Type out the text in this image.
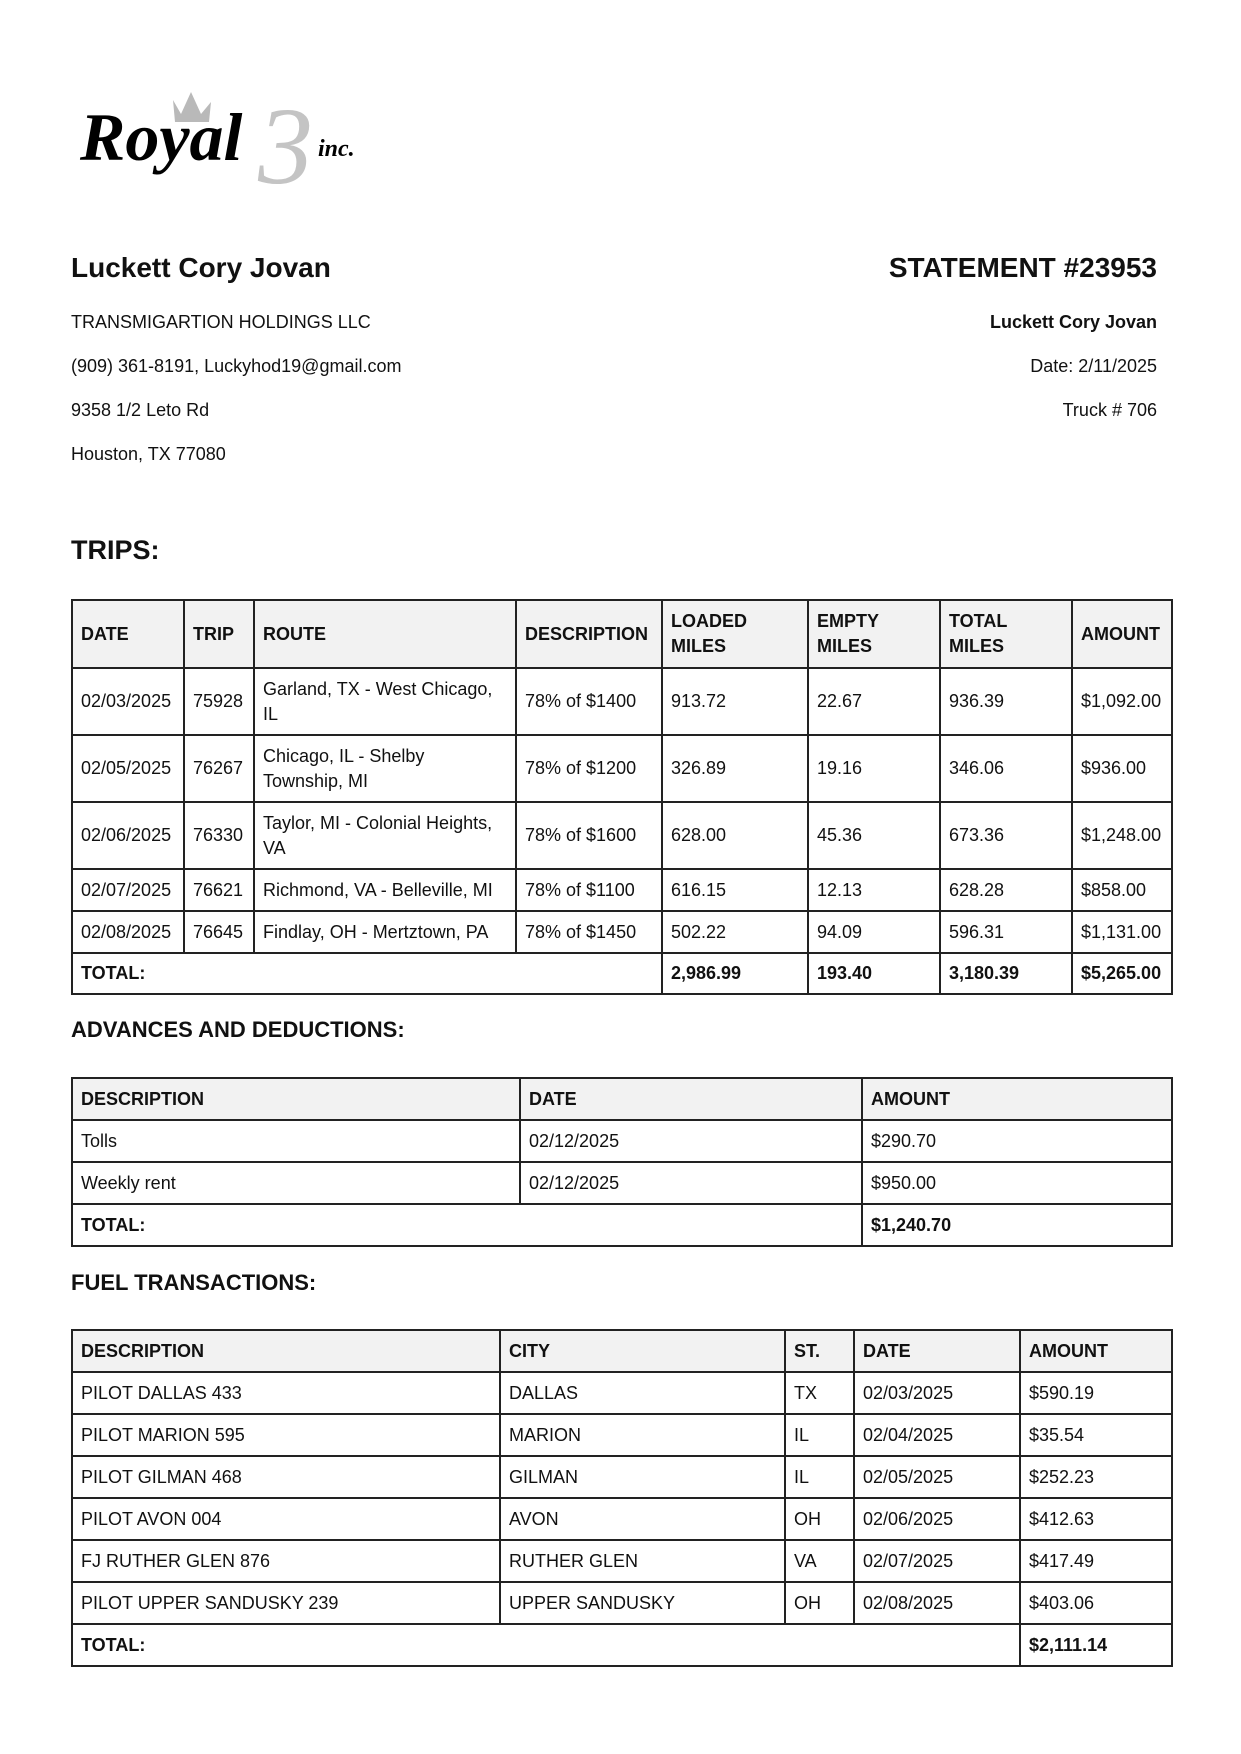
3
Royal	inc.
Luckett Cory Jovan
TRANSMIGARTION HOLDINGS LLC
(909) 361-8191, Luckyhod19@gmail.com
9358 1/2 Leto Rd
Houston, TX 77080
STATEMENT #23953
Luckett Cory Jovan
Date: 2/11/2025
Truck # 706
TRIPS:
DATE	TRIP	ROUTE	DESCRIPTION	LOADED MILES	EMPTY MILES	TOTAL MILES	AMOUNT
02/03/2025	75928	Garland, TX - West Chicago, IL	78% of $1400	913.72	22.67	936.39	$1,092.00
02/05/2025	76267	Chicago, IL - Shelby Township, MI	78% of $1200	326.89	19.16	346.06	$936.00
02/06/2025	76330	Taylor, MI - Colonial Heights, VA	78% of $1600	628.00	45.36	673.36	$1,248.00
02/07/2025	76621	Richmond, VA - Belleville, MI	78% of $1100	616.15	12.13	628.28	$858.00
02/08/2025	76645	Findlay, OH - Mertztown, PA	78% of $1450	502.22	94.09	596.31	$1,131.00
TOTAL:				2,986.99	193.40	3,180.39	$5,265.00
ADVANCES AND DEDUCTIONS:
DESCRIPTION	DATE	AMOUNT
Tolls	02/12/2025	$290.70
Weekly rent	02/12/2025	$950.00
TOTAL:		$1,240.70
FUEL TRANSACTIONS:
DESCRIPTION	CITY	ST.	DATE	AMOUNT
PILOT DALLAS 433	DALLAS	TX	02/03/2025	$590.19
PILOT MARION 595	MARION	IL	02/04/2025	$35.54
PILOT GILMAN 468	GILMAN	IL	02/05/2025	$252.23
PILOT AVON 004	AVON	OH	02/06/2025	$412.63
FJ RUTHER GLEN 876	RUTHER GLEN	VA	02/07/2025	$417.49
PILOT UPPER SANDUSKY 239	UPPER SANDUSKY	OH	02/08/2025	$403.06
TOTAL:				$2,111.14
